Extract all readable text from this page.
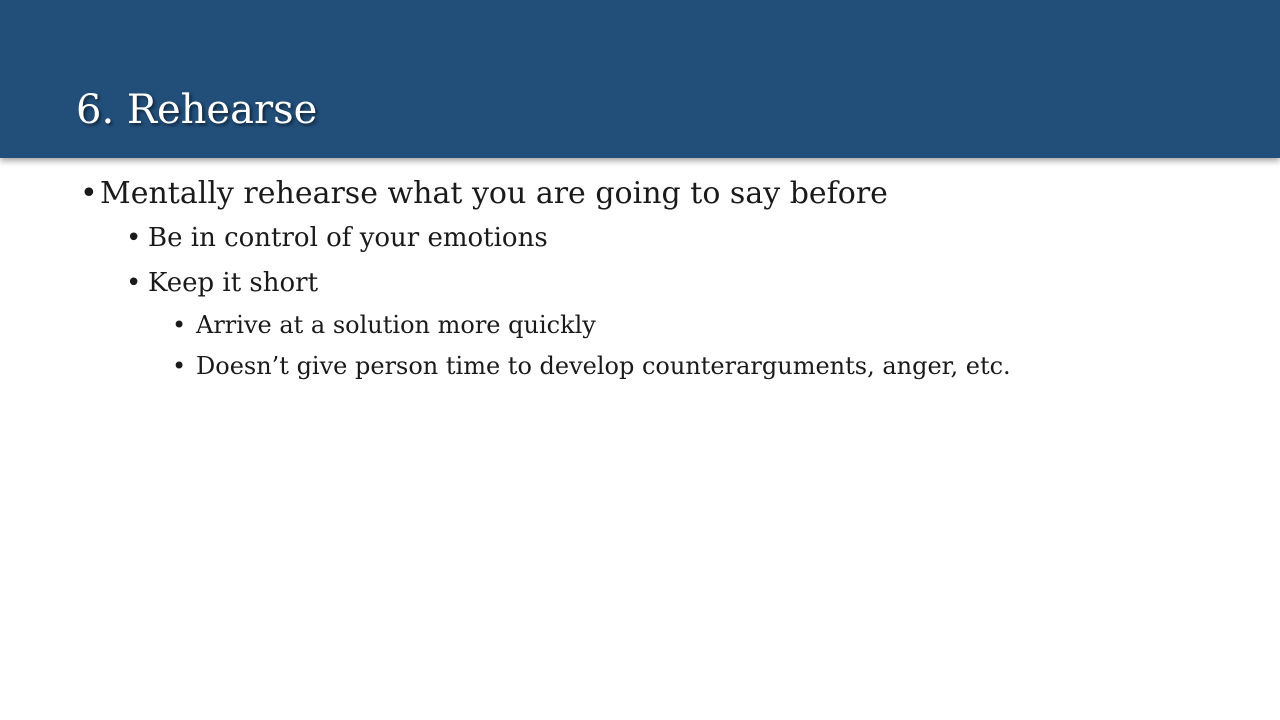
6. Rehearse
• Mentally rehearse what you are going to say before
• Be in control of your emotions
• Keep it short
• Arrive at a solution more quickly
• Doesn’t give person time to develop counterarguments, anger, etc.
